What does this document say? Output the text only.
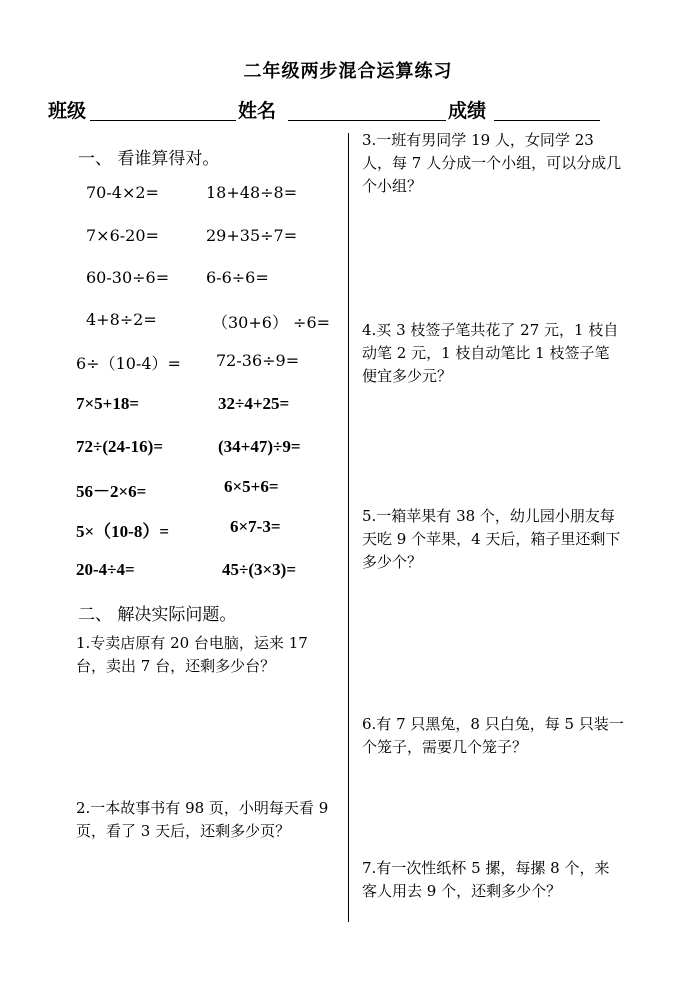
二年级两步混合运算练习
班级	姓名	成绩
一、 看谁算得对。
70-4×2=	18+48÷8=
7×6-20=	29+35÷7=
60-30÷6= 6-6÷6=
4+8÷2=	（30+6） ÷6=
6÷（10-4）= 72-36÷9=
7×5+18=	32÷4+25=
72÷(24-16)=	(34+47)÷9=
56－2×6=	6×5+6=
5×（10-8）=	6×7-3=
20-4÷4=	45÷(3×3)=
二、 解决实际问题。
1.专卖店原有 20 台电脑，运来 17 台，卖出 7 台，还剩多少台？
2.一本故事书有 98 页，小明每天看 9 页，看了 3 天后，还剩多少页？
3.一班有男同学 19 人，女同学 23 人，每 7 人分成一个小组，可以分成几个小组？
4.买 3 枝签子笔共花了 27 元，1 枝自动笔 2 元，1 枝自动笔比 1 枝签子笔便宜多少元？
5.一箱苹果有 38 个，幼儿园小朋友每天吃 9 个苹果，4 天后，箱子里还剩下多少个？
6.有 7 只黑兔，8 只白兔，每 5 只装一个笼子，需要几个笼子？
7.有一次性纸杯 5 摞，每摞 8 个，来客人用去 9 个，还剩多少个？
